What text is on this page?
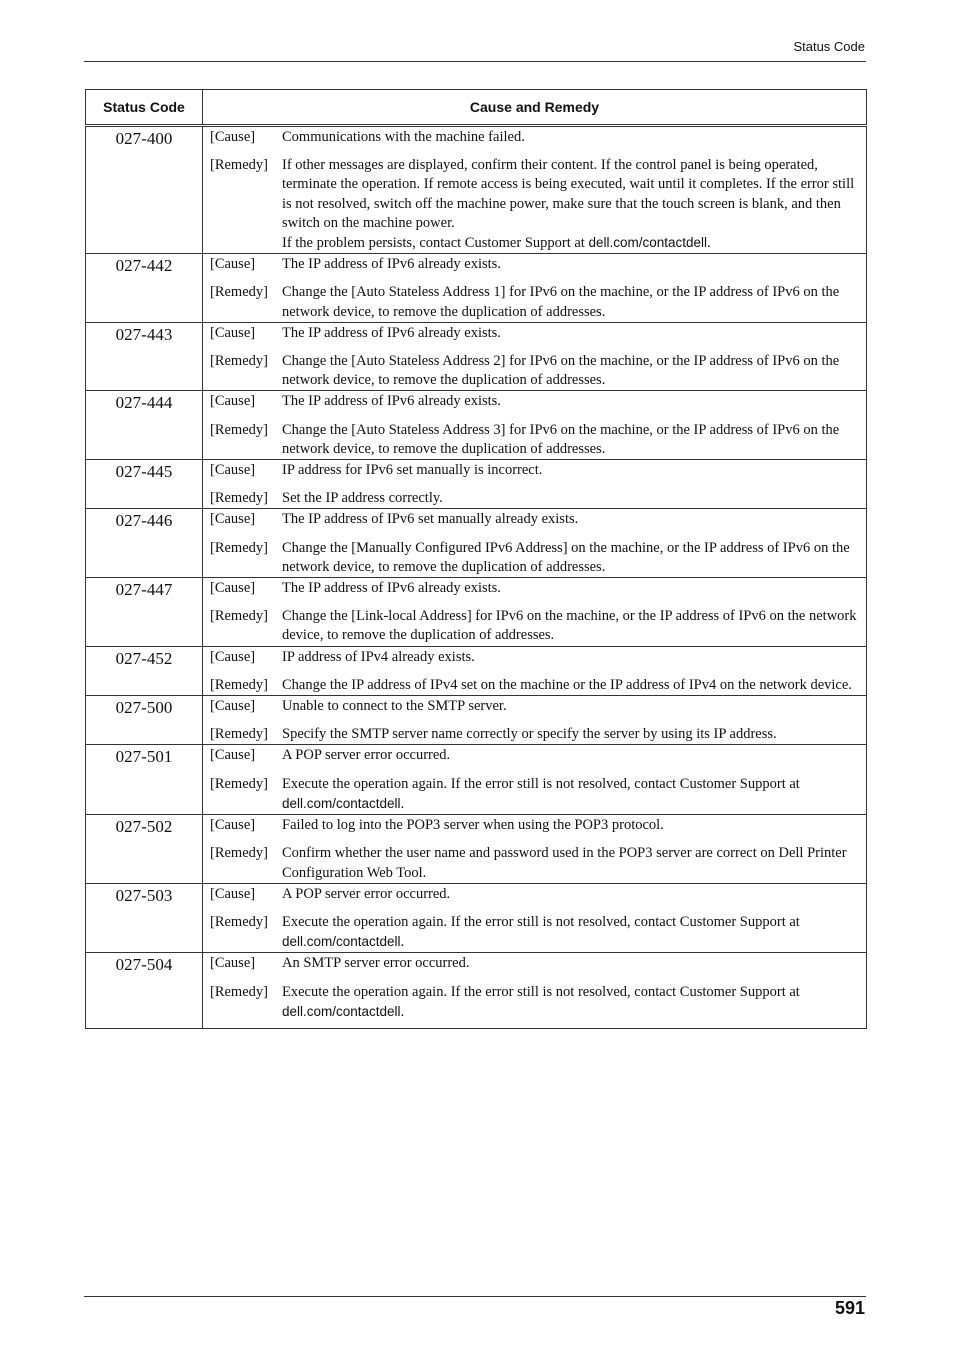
Status Code
Status Code	Cause and Remedy
027-400	[Cause] Communications with the machine failed.
[Remedy] If other messages are displayed, confirm their content. If the control panel is being operated, terminate the operation. If remote access is being executed, wait until it completes. If the error still is not resolved, switch off the machine power, make sure that the touch screen is blank, and then switch on the machine power.
If the problem persists, contact Customer Support at dell.com/contactdell.

027-442	[Cause] The IP address of IPv6 already exists.
[Remedy] Change the [Auto Stateless Address 1] for IPv6 on the machine, or the IP address of IPv6 on the network device, to remove the duplication of addresses.

027-443	[Cause] The IP address of IPv6 already exists.
[Remedy] Change the [Auto Stateless Address 2] for IPv6 on the machine, or the IP address of IPv6 on the network device, to remove the duplication of addresses.

027-444	[Cause] The IP address of IPv6 already exists.
[Remedy] Change the [Auto Stateless Address 3] for IPv6 on the machine, or the IP address of IPv6 on the network device, to remove the duplication of addresses.

027-445	[Cause] IP address for IPv6 set manually is incorrect.
[Remedy] Set the IP address correctly.

027-446	[Cause] The IP address of IPv6 set manually already exists.
[Remedy] Change the [Manually Configured IPv6 Address] on the machine, or the IP address of IPv6 on the network device, to remove the duplication of addresses.

027-447	[Cause] The IP address of IPv6 already exists.
[Remedy] Change the [Link-local Address] for IPv6 on the machine, or the IP address of IPv6 on the network device, to remove the duplication of addresses.

027-452	[Cause] IP address of IPv4 already exists.
[Remedy] Change the IP address of IPv4 set on the machine or the IP address of IPv4 on the network device.

027-500	[Cause] Unable to connect to the SMTP server.
[Remedy] Specify the SMTP server name correctly or specify the server by using its IP address.

027-501	[Cause] A POP server error occurred.
[Remedy] Execute the operation again. If the error still is not resolved, contact Customer Support at dell.com/contactdell.

027-502	[Cause] Failed to log into the POP3 server when using the POP3 protocol.
[Remedy] Confirm whether the user name and password used in the POP3 server are correct on Dell Printer Configuration Web Tool.

027-503	[Cause] A POP server error occurred.
[Remedy] Execute the operation again. If the error still is not resolved, contact Customer Support at dell.com/contactdell.

027-504	[Cause] An SMTP server error occurred.
[Remedy] Execute the operation again. If the error still is not resolved, contact Customer Support at dell.com/contactdell.
591
